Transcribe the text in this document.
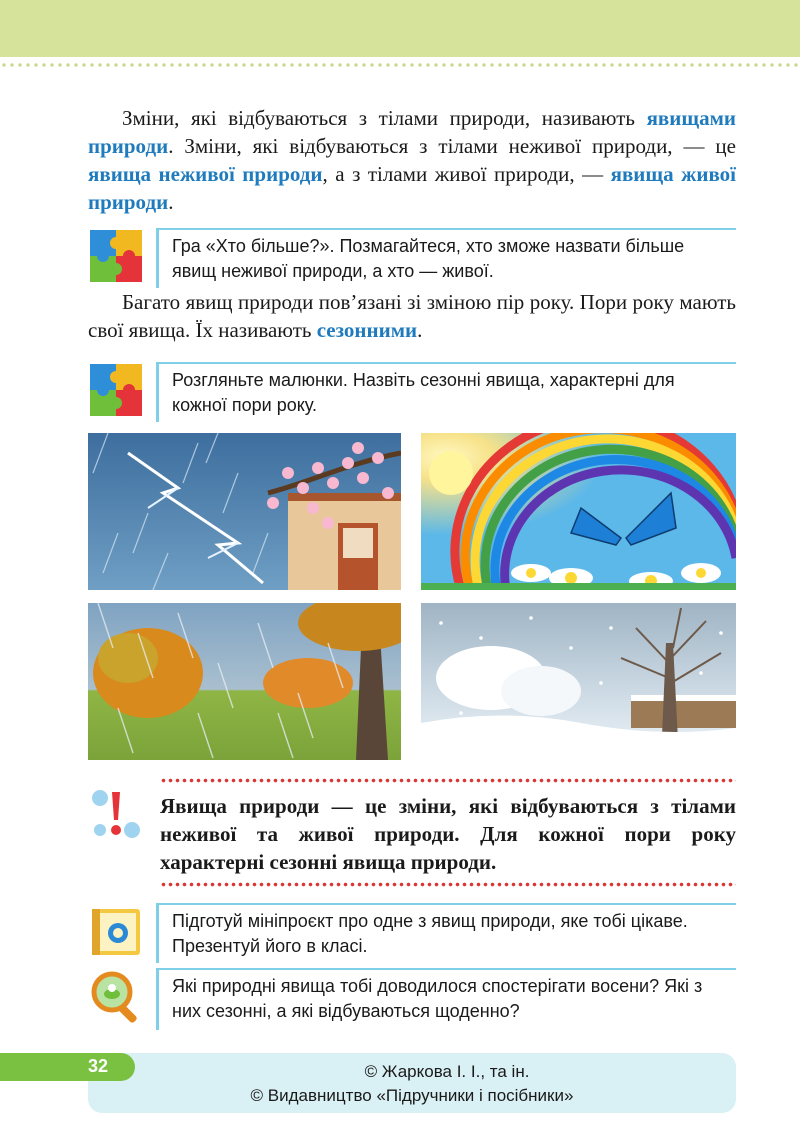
Зміни, які відбуваються з тілами природи, називають явищами природи. Зміни, які відбуваються з тілами неживої природи, — це явища неживої природи, а з тілами живої природи, — явища живої природи.
Гра «Хто більше?». Позмагайтеся, хто зможе назвати більше явищ неживої природи, а хто — живої.
Багато явищ природи пов’язані зі зміною пір року. Пори року мають свої явища. Їх називають сезонними.
Розгляньте малюнки. Назвіть сезонні явища, характерні для кожної пори року.
Явища природи — це зміни, які відбуваються з тілами неживої та живої природи. Для кожної пори року характерні сезонні явища природи.
Підготуй мініпроєкт про одне з явищ природи, яке тобі цікаве. Презентуй його в класі.
Які природні явища тобі доводилося спостерігати восени? Які з них сезонні, а які відбуваються щоденно?
© Жаркова І. І., та ін.
© Видавництво «Підручники і посібники»
32
